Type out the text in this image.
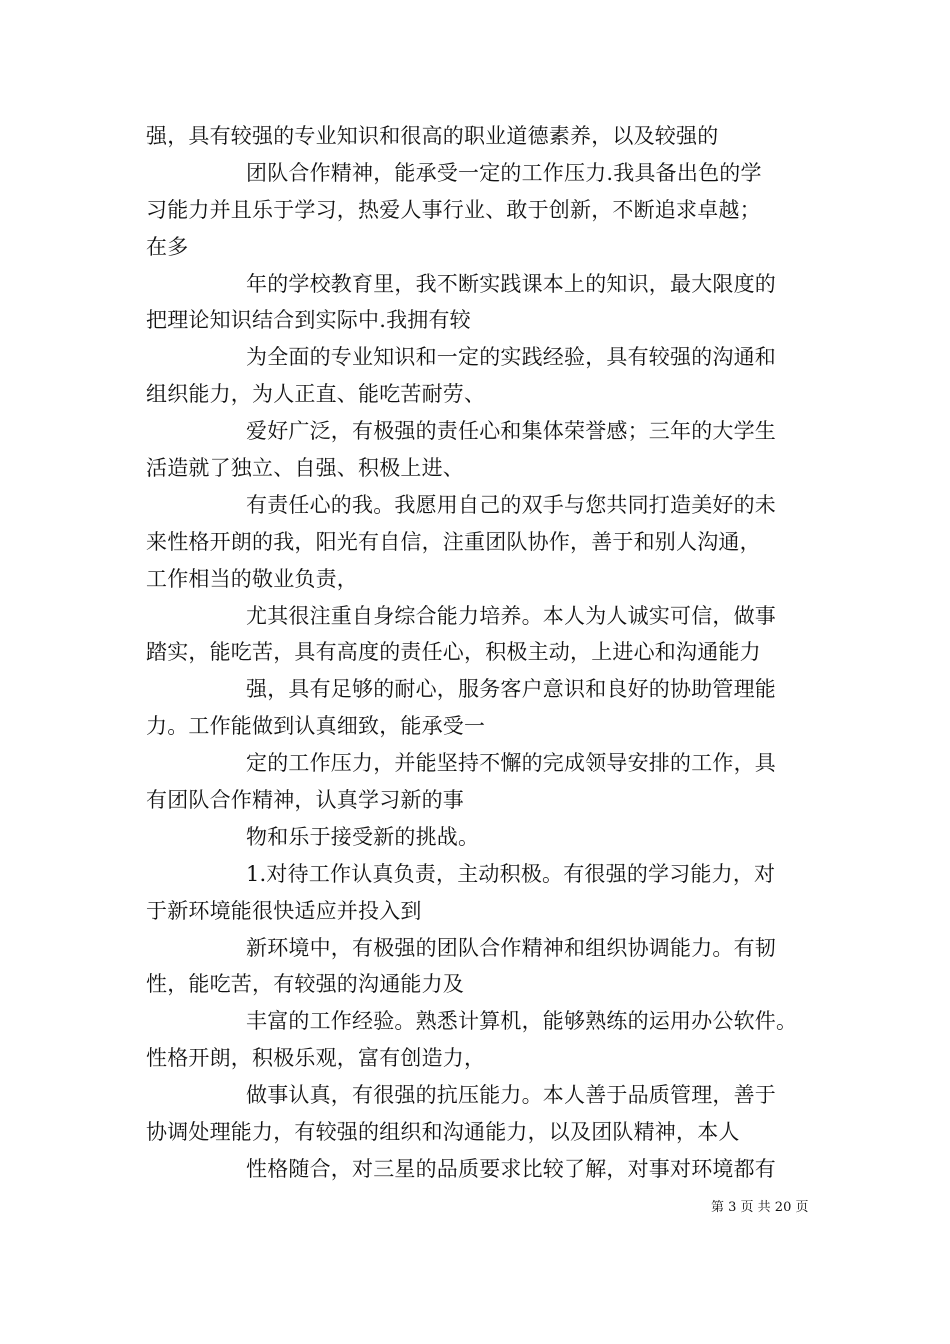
强，具有较强的专业知识和很高的职业道德素养，以及较强的
团队合作精神，能承受一定的工作压力.我具备出色的学
习能力并且乐于学习，热爱人事行业、敢于创新，不断追求卓越；
在多
年的学校教育里，我不断实践课本上的知识，最大限度的
把理论知识结合到实际中.我拥有较
为全面的专业知识和一定的实践经验，具有较强的沟通和
组织能力，为人正直、能吃苦耐劳、
爱好广泛，有极强的责任心和集体荣誉感；三年的大学生
活造就了独立、自强、积极上进、
有责任心的我。我愿用自己的双手与您共同打造美好的未
来性格开朗的我，阳光有自信，注重团队协作，善于和别人沟通，
工作相当的敬业负责，
尤其很注重自身综合能力培养。本人为人诚实可信，做事
踏实，能吃苦，具有高度的责任心，积极主动，上进心和沟通能力
强，具有足够的耐心，服务客户意识和良好的协助管理能
力。工作能做到认真细致，能承受一
定的工作压力，并能坚持不懈的完成领导安排的工作，具
有团队合作精神，认真学习新的事
物和乐于接受新的挑战。
1.对待工作认真负责，主动积极。有很强的学习能力，对
于新环境能很快适应并投入到
新环境中，有极强的团队合作精神和组织协调能力。有韧
性，能吃苦，有较强的沟通能力及
丰富的工作经验。熟悉计算机，能够熟练的运用办公软件。
性格开朗，积极乐观，富有创造力，
做事认真，有很强的抗压能力。本人善于品质管理，善于
协调处理能力，有较强的组织和沟通能力，以及团队精神，本人
性格随合，对三星的品质要求比较了解，对事对环境都有
第 3 页 共 20 页
